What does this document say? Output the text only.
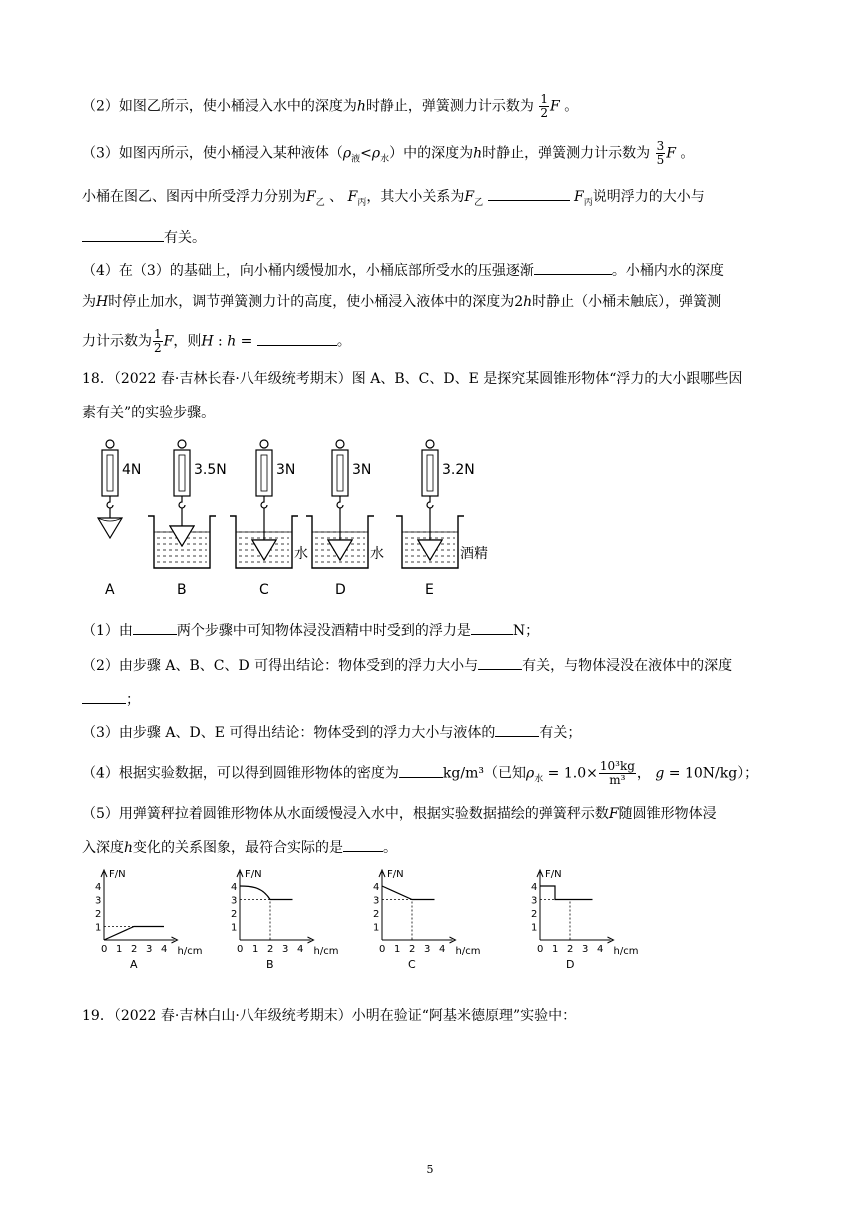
（2）如图乙所示，使小桶浸入水中的深度为h时静止，弹簧测力计示数为 $\frac{1}{2}$ F 。
（3）如图丙所示，使小桶浸入某种液体$(\rho_液<\rho_水)$中的深度为h时静止，弹簧测力计示数为 $\frac{3}{5}$ F 。
小桶在图乙、图丙中所受浮力分别为$F_乙$ 、 $F_丙$，其大小关系为$F_乙$	$F_丙$说明浮力的大小与
有关。
（4）在（3）的基础上，向小桶内缓慢加水，小桶底部所受水的压强逐渐	。小桶内水的深度
为H时停止加水，调节弹簧测力计的高度，使小桶浸入液体中的深度为2h时静止（小桶未触底），弹簧测
力计示数为 $\frac{1}{2}$ F，则H : h =	。
18．（2022 春·吉林长春·八年级统考期末）图 A、B、C、D、E 是探究某圆锥形物体“浮力的大小跟哪些因
素有关”的实验步骤。
4N
A
3.5N
B
3N
水
C
3N
水
D
3.2N
酒精
E
（1）由	两个步骤中可知物体浸没酒精中时受到的浮力是	N；
（2）由步骤 A、B、C、D 可得出结论：物体受到的浮力大小与	有关，与物体浸没在液体中的深度
；
（3）由步骤 A、D、E 可得出结论：物体受到的浮力大小与液体的	有关；
（4）根据实验数据，可以得到圆锥形物体的密度为	kg/m³（已知$\rho_水 = 1.0\times \frac{\text{10³kg}}{\text{m³}}$ ， g = 10N/kg）；
（5）用弹簧秤拉着圆锥形物体从水面缓慢浸入水中，根据实验数据描绘的弹簧秤示数F随圆锥形物体浸
入深度h变化的关系图象，最符合实际的是	。
F/N
h/cm
1
2
3
4
0 1 2 3 4
A
F/N
h/cm
1
2
3
4
0 1 2 3 4
B
F/N
h/cm
1
2
3
4
0 1 2 3 4
C
F/N
h/cm
1
2
3
4
0 1 2 3 4
D
19．（2022 春·吉林白山·八年级统考期末）小明在验证“阿基米德原理”实验中：
5
